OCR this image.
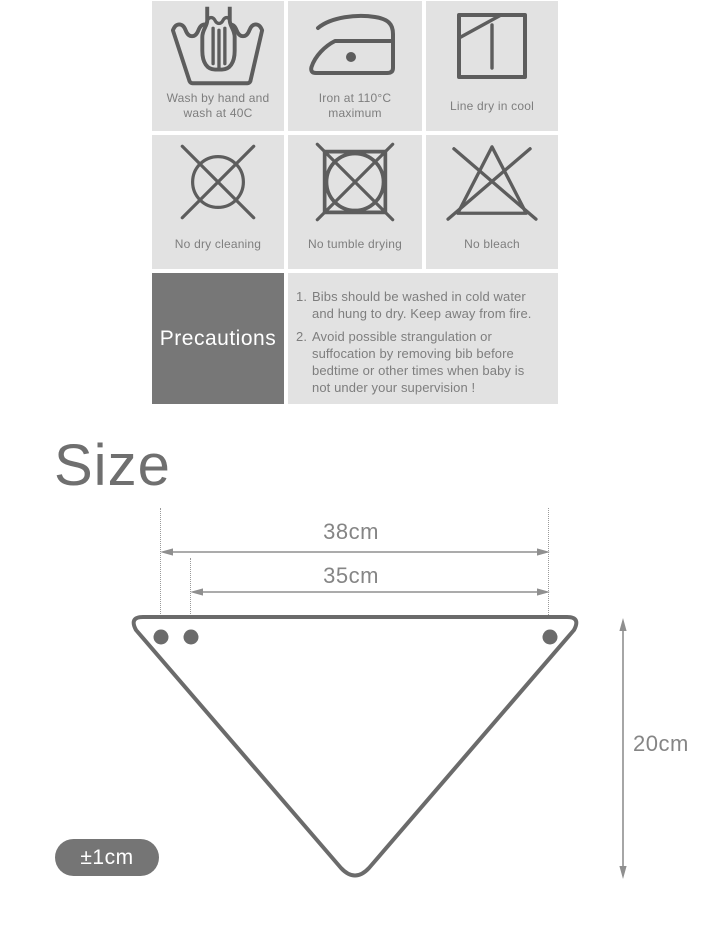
Wash by hand and wash at 40C
Iron at 110°C maximum
Line dry in cool
No dry cleaning	No tumble drying	No bleach
Precautions
1. Bibs should be washed in cold water and hung to dry. Keep away from fire.
2. Avoid possible strangulation or suffocation by removing bib before bedtime or other times when baby is not under your supervision !
Size
38cm
35cm
20cm
±1cm
